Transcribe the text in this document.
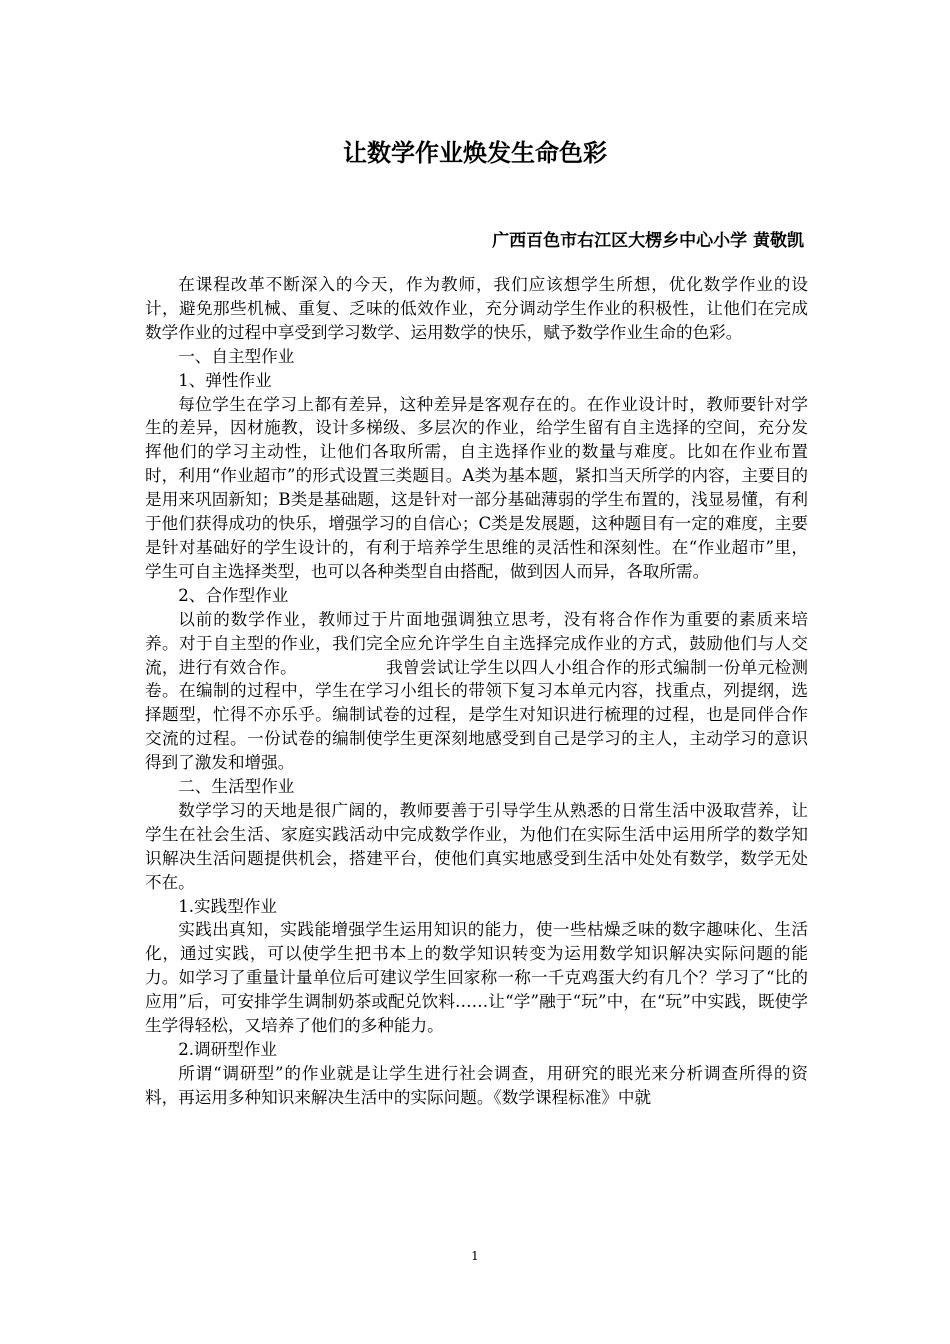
让数学作业焕发生命色彩
广西百色市右江区大楞乡中心小学 黄敬凯

在课程改革不断深入的今天，作为教师，我们应该想学生所想，优化数学作业的设计，避免那些机械、重复、乏味的低效作业，充分调动学生作业的积极性，让他们在完成数学作业的过程中享受到学习数学、运用数学的快乐，赋予数学作业生命的色彩。

一、自主型作业

1、弹性作业

每位学生在学习上都有差异，这种差异是客观存在的。在作业设计时，教师要针对学生的差异，因材施教，设计多梯级、多层次的作业，给学生留有自主选择的空间，充分发挥他们的学习主动性，让他们各取所需，自主选择作业的数量与难度。比如在作业布置时，利用“作业超市”的形式设置三类题目。A类为基本题，紧扣当天所学的内容，主要目的是用来巩固新知；B类是基础题，这是针对一部分基础薄弱的学生布置的，浅显易懂，有利于他们获得成功的快乐，增强学习的自信心；C类是发展题，这种题目有一定的难度，主要是针对基础好的学生设计的，有利于培养学生思维的灵活性和深刻性。在“作业超市”里，学生可自主选择类型，也可以各种类型自由搭配，做到因人而异，各取所需。

2、合作型作业

以前的数学作业，教师过于片面地强调独立思考，没有将合作作为重要的素质来培养。对于自主型的作业，我们完全应允许学生自主选择完成作业的方式，鼓励他们与人交流，进行有效合作。                我曾尝试让学生以四人小组合作的形式编制一份单元检测卷。在编制的过程中，学生在学习小组长的带领下复习本单元内容，找重点，列提纲，选择题型，忙得不亦乐乎。编制试卷的过程，是学生对知识进行梳理的过程，也是同伴合作交流的过程。一份试卷的编制使学生更深刻地感受到自己是学习的主人，主动学习的意识得到了激发和增强。

二、生活型作业

数学学习的天地是很广阔的，教师要善于引导学生从熟悉的日常生活中汲取营养，让学生在社会生活、家庭实践活动中完成数学作业，为他们在实际生活中运用所学的数学知识解决生活问题提供机会，搭建平台，使他们真实地感受到生活中处处有数学，数学无处不在。

1.实践型作业

实践出真知，实践能增强学生运用知识的能力，使一些枯燥乏味的数字趣味化、生活化，通过实践，可以使学生把书本上的数学知识转变为运用数学知识解决实际问题的能力。如学习了重量计量单位后可建议学生回家称一称一千克鸡蛋大约有几个？学习了“比的应用”后，可安排学生调制奶茶或配兑饮料……让“学”融于“玩”中，在“玩”中实践，既使学生学得轻松，又培养了他们的多种能力。

2.调研型作业

所谓“调研型”的作业就是让学生进行社会调查，用研究的眼光来分析调查所得的资料，再运用多种知识来解决生活中的实际问题。《数学课程标准》中就

1
